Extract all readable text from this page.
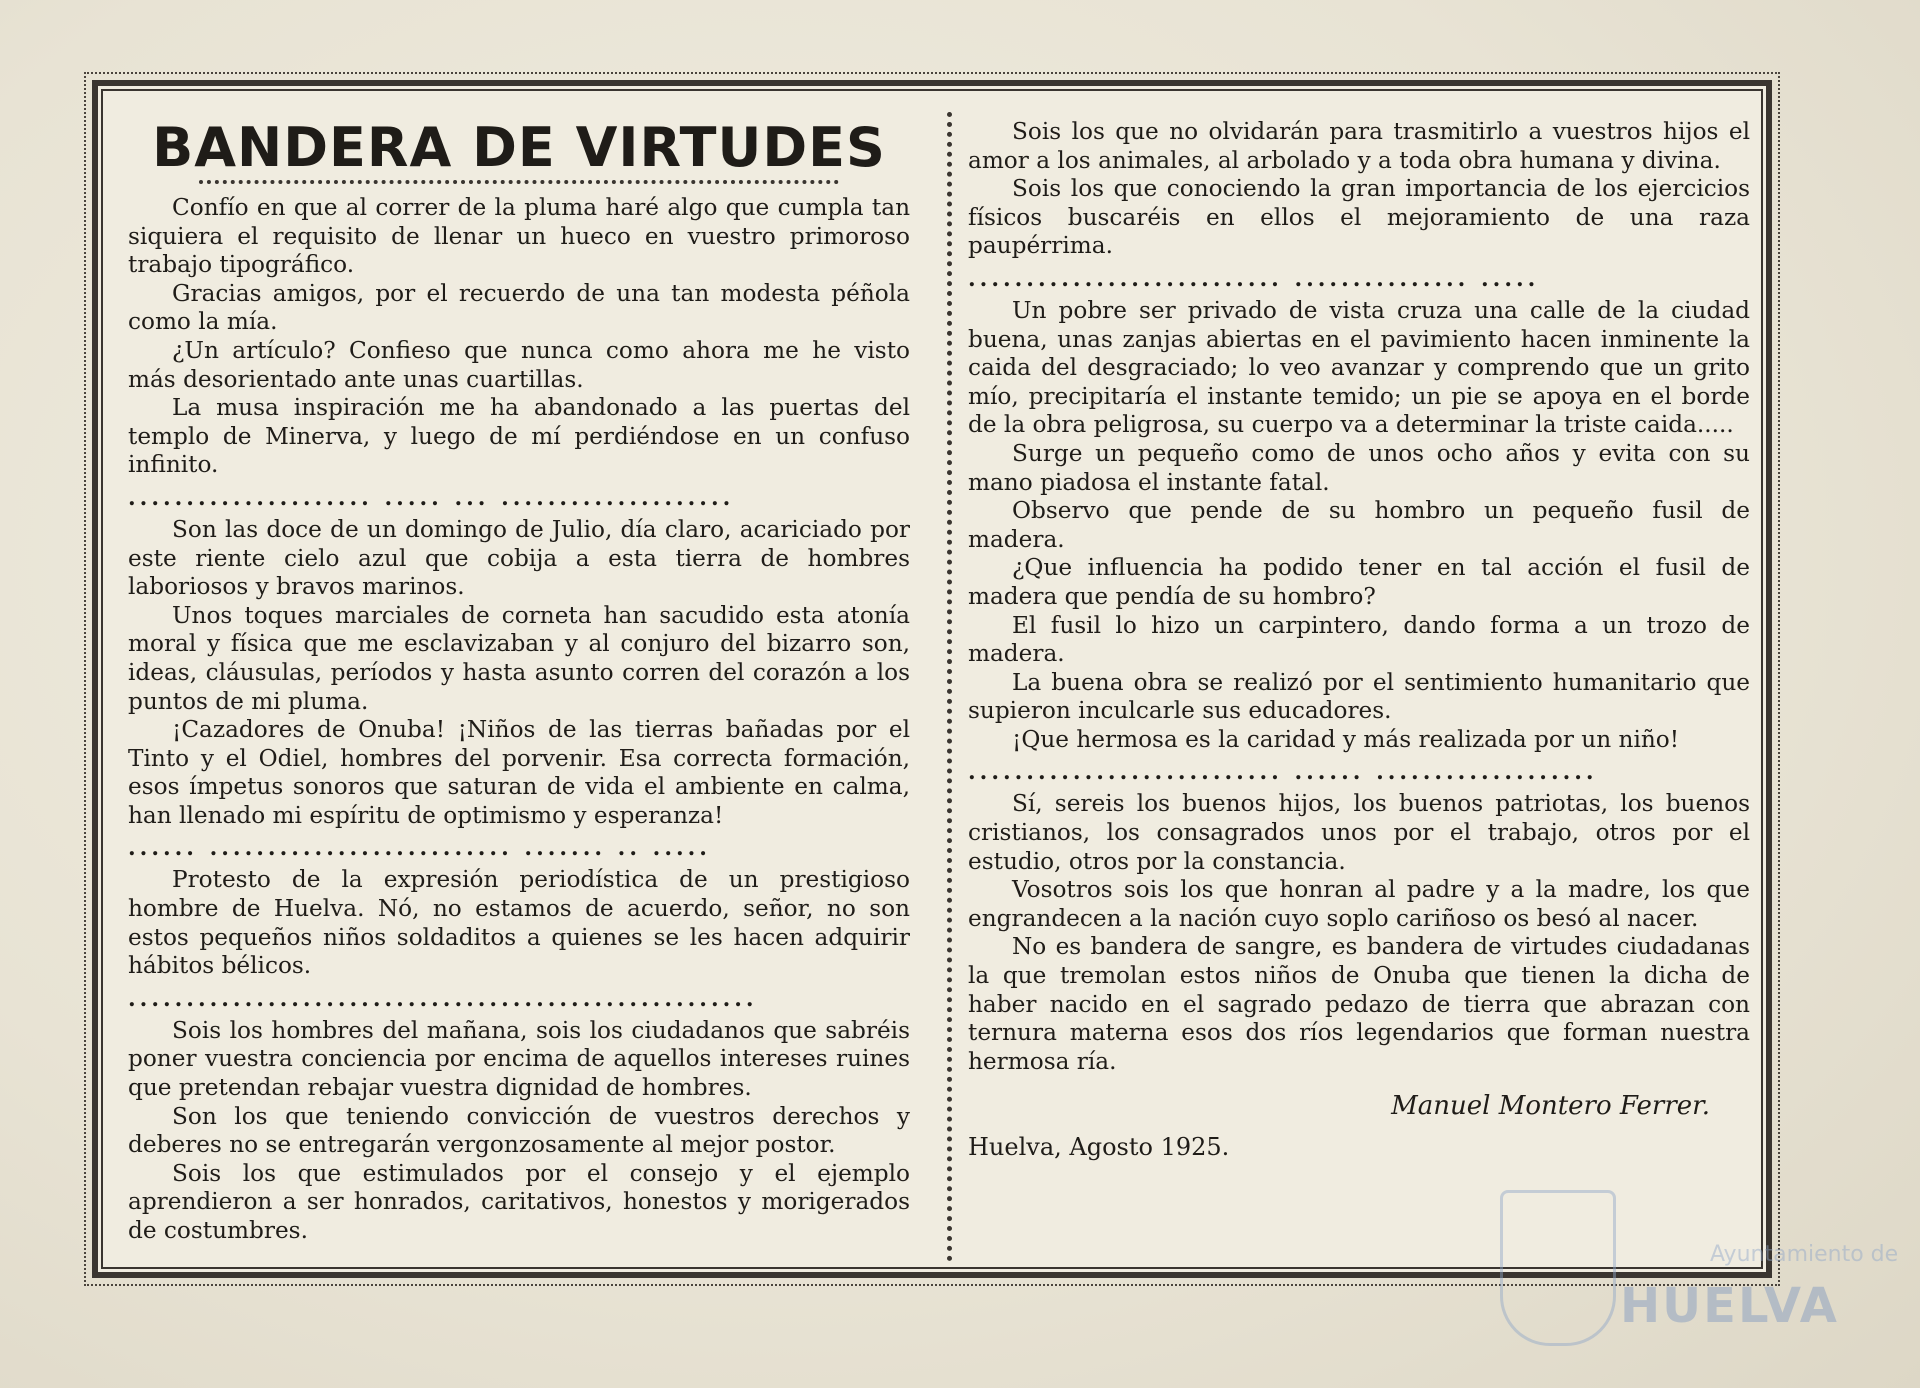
BANDERA DE VIRTUDES

Confío en que al correr de la pluma haré algo que cumpla tan siquiera el requisito de llenar un hueco en vuestro primoroso trabajo tipográfico.

Gracias amigos, por el recuerdo de una tan modesta péñola como la mía.

¿Un artículo? Confieso que nunca como ahora me he visto más desorientado ante unas cuartillas.

La musa inspiración me ha abandonado a las puertas del templo de Minerva, y luego de mí perdiéndose en un confuso infinito.

..................... ..... ... ....................

Son las doce de un domingo de Julio, día claro, acariciado por este riente cielo azul que cobija a esta tierra de hombres laboriosos y bravos marinos.

Unos toques marciales de corneta han sacudido esta atonía moral y física que me esclavizaban y al conjuro del bizarro son, ideas, cláusulas, períodos y hasta asunto corren del corazón a los puntos de mi pluma.

¡Cazadores de Onuba! ¡Niños de las tierras bañadas por el Tinto y el Odiel, hombres del porvenir. Esa correcta formación, esos ímpetus sonoros que saturan de vida el ambiente en calma, han llenado mi espíritu de optimismo y esperanza!

...... .......................... ....... .. .....

Protesto de la expresión periodística de un prestigioso hombre de Huelva. Nó, no estamos de acuerdo, señor, no son estos pequeños niños soldaditos a quienes se les hacen adquirir hábitos bélicos.

......................................................

Sois los hombres del mañana, sois los ciudadanos que sabréis poner vuestra conciencia por encima de aquellos intereses ruines que pretendan rebajar vuestra dignidad de hombres.

Son los que teniendo convicción de vuestros derechos y deberes no se entregarán vergonzosamente al mejor postor.

Sois los que estimulados por el consejo y el ejemplo aprendieron a ser honrados, caritativos, honestos y morigerados de costumbres.

Sois los que no olvidarán para trasmitirlo a vuestros hijos el amor a los animales, al arbolado y a toda obra humana y divina.

Sois los que conociendo la gran importancia de los ejercicios físicos buscaréis en ellos el mejoramiento de una raza paupérrima.

........................... ............... .....

Un pobre ser privado de vista cruza una calle de la ciudad buena, unas zanjas abiertas en el pavimiento hacen inminente la caida del desgraciado; lo veo avanzar y comprendo que un grito mío, precipitaría el instante temido; un pie se apoya en el borde de la obra peligrosa, su cuerpo va a determinar la triste caida.....

Surge un pequeño como de unos ocho años y evita con su mano piadosa el instante fatal.

Observo que pende de su hombro un pequeño fusil de madera.

¿Que influencia ha podido tener en tal acción el fusil de madera que pendía de su hombro?

El fusil lo hizo un carpintero, dando forma a un trozo de madera.

La buena obra se realizó por el sentimiento humanitario que supieron inculcarle sus educadores.

¡Que hermosa es la caridad y más realizada por un niño!

........................... ...... ...................

Sí, sereis los buenos hijos, los buenos patriotas, los buenos cristianos, los consagrados unos por el trabajo, otros por el estudio, otros por la constancia.

Vosotros sois los que honran al padre y a la madre, los que engrandecen a la nación cuyo soplo cariñoso os besó al nacer.

No es bandera de sangre, es bandera de virtudes ciudadanas la que tremolan estos niños de Onuba que tienen la dicha de haber nacido en el sagrado pedazo de tierra que abrazan con ternura materna esos dos ríos legendarios que forman nuestra hermosa ría.

Manuel Montero Ferrer.
Huelva, Agosto 1925.
Ayuntamiento de
HUELVA
